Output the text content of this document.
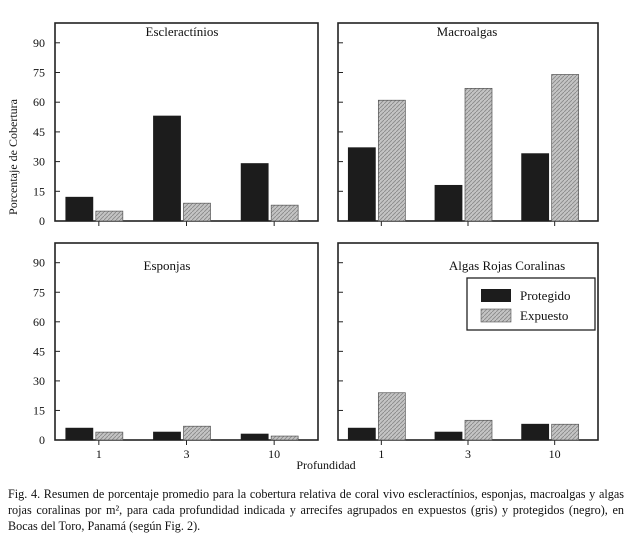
Porcentaje de Cobertura
Profundidad
Escleractínios
0
15
30
45
60
75
90
Macroalgas
Esponjas
0
15
30
45
60
75
90
1	3	10
Algas Rojas Coralinas
1	3	10
Protegido
Expuesto

Fig. 4. Resumen de porcentaje promedio para la cobertura relativa de coral vivo escleractínios, esponjas, macroalgas y algas rojas coralinas por m², para cada profundidad indicada y arrecifes agrupados en expuestos (gris) y protegidos (negro), en Bocas del Toro, Panamá (según Fig. 2).
